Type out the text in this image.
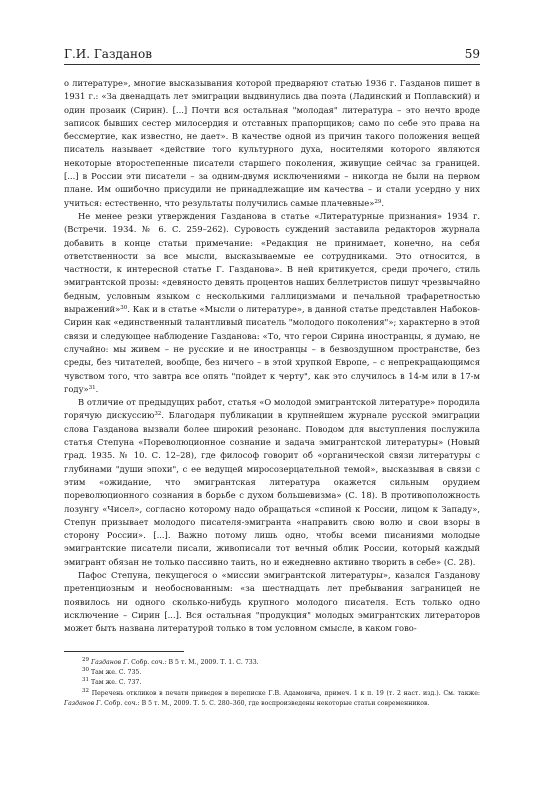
Г.И. Газданов	59

о литературе», многие высказывания которой предваряют статью 1936 г. Газданов пишет в 1931 г.: «За двенадцать лет эмиграции выдвинулись два поэта (Ладинский и Поплавский) и один прозаик (Сирин). [...] Почти вся остальная "молодая" литература – это нечто вроде записок бывших сестер милосердия и отставных прапорщиков; само по себе это права на бессмертие, как известно, не дает». В качестве одной из причин такого положения вещей писатель называет «действие того культурного духа, носителями которого являются некоторые второстепенные писатели старшего поколения, живущие сейчас за границей. [...] в России эти писатели – за одним-двумя исключениями – никогда не были на первом плане. Им ошибочно присудили не принадлежащие им качества – и стали усердно у них учиться: естественно, что результаты получились самые плачевные»$^{29}$.

Не менее резки утверждения Газданова в статье «Литературные признания» 1934 г. (Встречи. 1934. № 6. С. 259–262). Суровость суждений заставила редакторов журнала добавить в конце статьи примечание: «Редакция не принимает, конечно, на себя ответственности за все мысли, высказываемые ее сотрудниками. Это относится, в частности, к интересной статье Г. Газданова». В ней критикуется, среди прочего, стиль эмигрантской прозы: «девяносто девять процентов наших беллетристов пишут чрезвычайно бедным, условным языком с несколькими галлицизмами и печальной трафаретностью выражений»$^{30}$. Как и в статье «Мысли о литературе», в данной статье представлен Набоков-Сирин как «единственный талантливый писатель "молодого поколения"»; характерно в этой связи и следующее наблюдение Газданова: «То, что герои Сирина иностранцы, я думаю, не случайно: мы живем – не русские и не иностранцы – в безвоздушном пространстве, без среды, без читателей, вообще, без ничего – в этой хрупкой Европе, – с непрекращающимся чувством того, что завтра все опять "пойдет к черту", как это случилось в 14-м или в 17-м году»$^{31}$.

В отличие от предыдущих работ, статья «О молодой эмигрантской литературе» породила горячую дискуссию$^{32}$. Благодаря публикации в крупнейшем журнале русской эмиграции слова Газданова вызвали более широкий резонанс. Поводом для выступления послужила статья Степуна «Пореволюционное сознание и задача эмигрантской литературы» (Новый град. 1935. № 10. С. 12–28), где философ говорит об «органической связи литературы с глубинами "души эпохи", с ее ведущей миросозерцательной темой», высказывая в связи с этим «ожидание, что эмигрантская литература окажется сильным орудием пореволюционного сознания в борьбе с духом большевизма» (С. 18). В противоположность лозунгу «Чисел», согласно которому надо обращаться «спиной к России, лицом к Западу», Степун призывает молодого писателя-эмигранта «направить свою волю и свои взоры в сторону России». [...]. Важно потому лишь одно, чтобы всеми писаниями молодые эмигрантские писатели писали, живописали тот вечный облик России, который каждый эмигрант обязан не только пассивно таить, но и ежедневно активно творить в себе» (С. 28).

Пафос Степуна, пекущегося о «миссии эмигрантской литературы», казался Газданову претенциозным и необоснованным: «за шестнадцать лет пребывания заграницей не появилось ни одного сколько-нибудь крупного молодого писателя. Есть только одно исключение – Сирин [...]. Вся остальная "продукция" молодых эмигрантских литераторов может быть названа литературой только в том условном смысле, в каком гово-

$^{29}$ Газданов Г. Собр. соч.: В 5 т. М., 2009. Т. 1. С. 733.

$^{30}$ Там же. С. 735.

$^{31}$ Там же. С. 737.

$^{32}$ Перечень откликов в печати приведен в переписке Г.В. Адамовича, примеч. 1 к п. 19 (т. 2 наст. изд.). См. также: Газданов Г. Собр. соч.: В 5 т. М., 2009. Т. 5. С. 280–360, где воспроизведены некоторые статьи современников.
